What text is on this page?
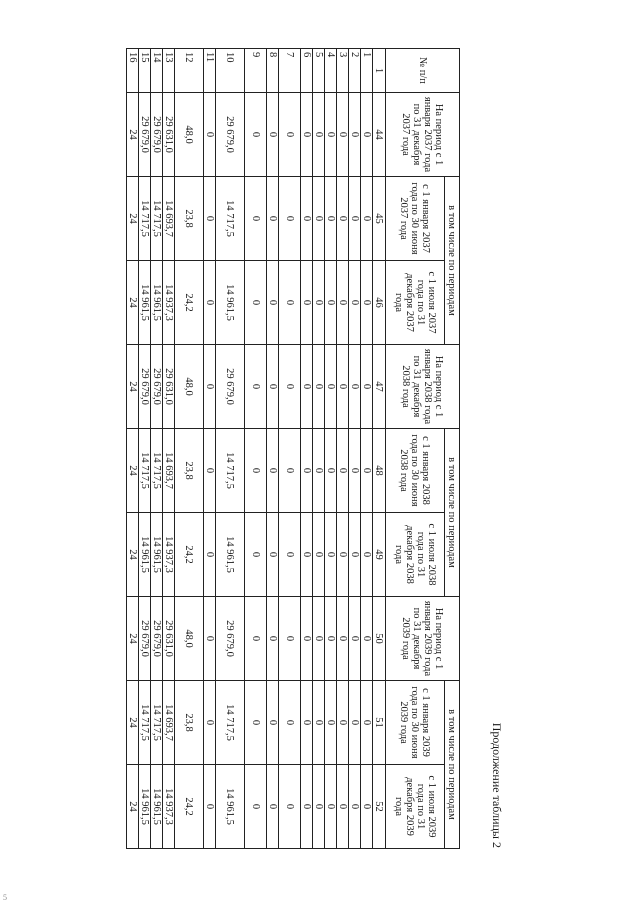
Продолжение таблицы 2
№ п/п	На период с 1 января 2037 года по 31 декабря 2037 года	в том числе по периодам		На период с 1 января 2038 года по 31 декабря 2038 года	в том числе по периодам		На период с 1 января 2039 года по 31 декабря 2039 года	в том числе по периодам	
		с 1 января 2037 года по 30 июня 2037 года	с 1 июля 2037 года по 31 декабря 2037 года		с 1 января 2038 года по 30 июня 2038 года	с 1 июля 2038 года по 31 декабря 2038 года		с 1 января 2039 года по 30 июня 2039 года	с 1 июля 2039 года по 31 декабря 2039 года
1	44	45	46	47	48	49	50	51	52
1	0	0	0	0	0	0	0	0	0
2	0	0	0	0	0	0	0	0	0
3	0	0	0	0	0	0	0	0	0
4	0	0	0	0	0	0	0	0	0
5	0	0	0	0	0	0	0	0	0
6	0	0	0	0	0	0	0	0	0
7	0	0	0	0	0	0	0	0	0
8	0	0	0	0	0	0	0	0	0
9	0	0	0	0	0	0	0	0	0
10	29 679,0	14 717,5	14 961,5	29 679,0	14 717,5	14 961,5	29 679,0	14 717,5	14 961,5
11	0	0	0	0	0	0	0	0	0
12	48,0	23,8	24,2	48,0	23,8	24,2	48,0	23,8	24,2
13	29 631,0	14 693,7	14 937,3	29 631,0	14 693,7	14 937,3	29 631,0	14 693,7	14 937,3
14	29 679,0	14 717,5	14 961,5	29 679,0	14 717,5	14 961,5	29 679,0	14 717,5	14 961,5
15	29 679,0	14 717,5	14 961,5	29 679,0	14 717,5	14 961,5	29 679,0	14 717,5	14 961,5
16	24	24	24	24	24	24	24	24	24
5
